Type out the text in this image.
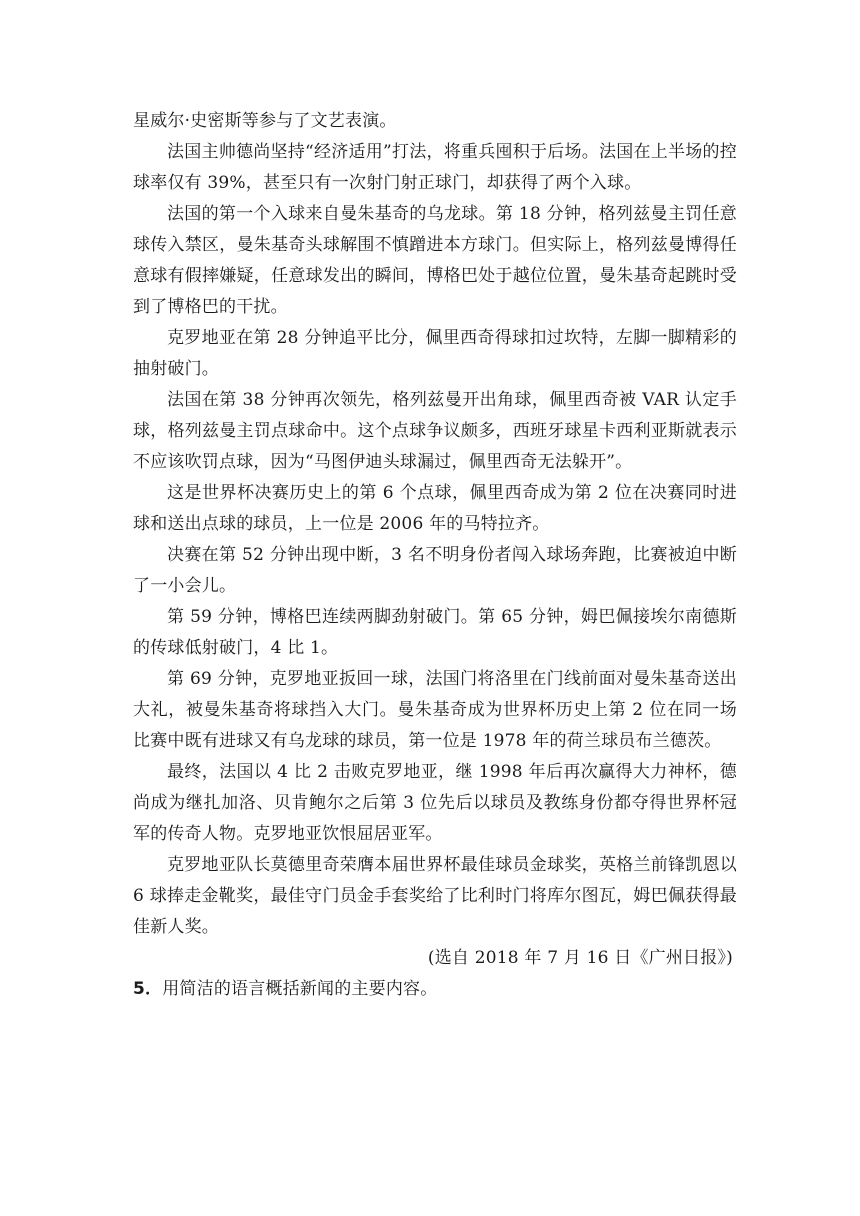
星威尔·史密斯等参与了文艺表演。

法国主帅德尚坚持“经济适用”打法，将重兵囤积于后场。法国在上半场的控球率仅有 39%，甚至只有一次射门射正球门，却获得了两个入球。

法国的第一个入球来自曼朱基奇的乌龙球。第 18 分钟，格列兹曼主罚任意球传入禁区，曼朱基奇头球解围不慎蹭进本方球门。但实际上，格列兹曼博得任意球有假摔嫌疑，任意球发出的瞬间，博格巴处于越位位置，曼朱基奇起跳时受到了博格巴的干扰。

克罗地亚在第 28 分钟追平比分，佩里西奇得球扣过坎特，左脚一脚精彩的抽射破门。

法国在第 38 分钟再次领先，格列兹曼开出角球，佩里西奇被 VAR 认定手球，格列兹曼主罚点球命中。这个点球争议颇多，西班牙球星卡西利亚斯就表示不应该吹罚点球，因为“马图伊迪头球漏过，佩里西奇无法躲开”。

这是世界杯决赛历史上的第 6 个点球，佩里西奇成为第 2 位在决赛同时进球和送出点球的球员，上一位是 2006 年的马特拉齐。

决赛在第 52 分钟出现中断，3 名不明身份者闯入球场奔跑，比赛被迫中断了一小会儿。

第 59 分钟，博格巴连续两脚劲射破门。第 65 分钟，姆巴佩接埃尔南德斯的传球低射破门，4 比 1。

第 69 分钟，克罗地亚扳回一球，法国门将洛里在门线前面对曼朱基奇送出大礼，被曼朱基奇将球挡入大门。曼朱基奇成为世界杯历史上第 2 位在同一场比赛中既有进球又有乌龙球的球员，第一位是 1978 年的荷兰球员布兰德茨。

最终，法国以 4 比 2 击败克罗地亚，继 1998 年后再次赢得大力神杯，德尚成为继扎加洛、贝肯鲍尔之后第 3 位先后以球员及教练身份都夺得世界杯冠军的传奇人物。克罗地亚饮恨屈居亚军。

克罗地亚队长莫德里奇荣膺本届世界杯最佳球员金球奖，英格兰前锋凯恩以 6 球捧走金靴奖，最佳守门员金手套奖给了比利时门将库尔图瓦，姆巴佩获得最佳新人奖。

(选自 2018 年 7 月 16 日《广州日报》)

5．用简洁的语言概括新闻的主要内容。
